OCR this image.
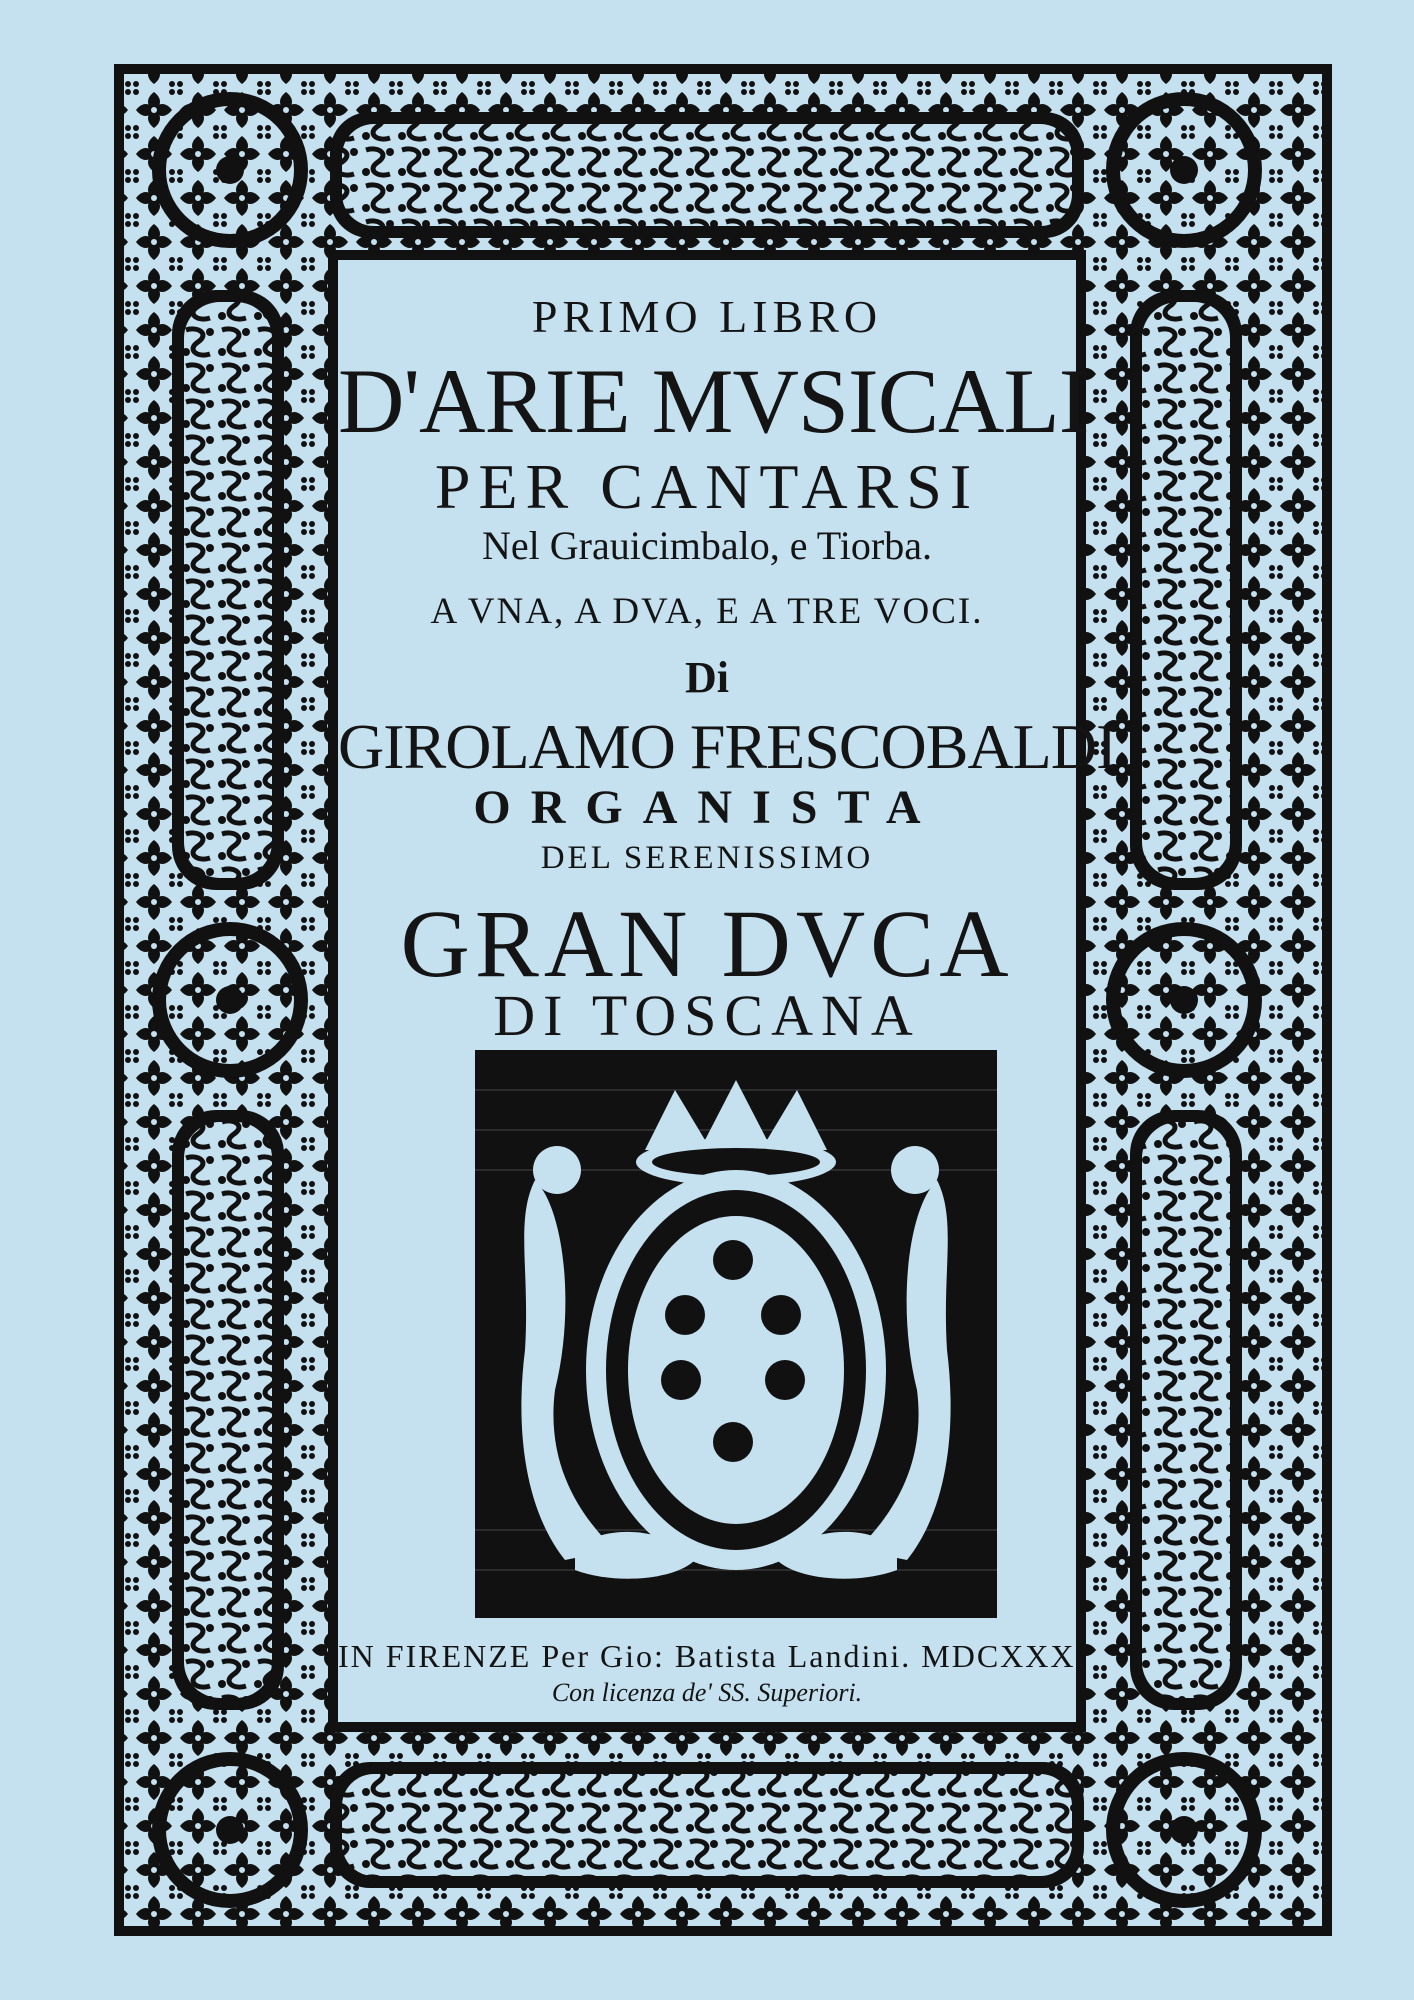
PRIMO LIBRO
D'ARIE MVSICALI
PER CANTARSI
Nel Grauicimbalo, e Tiorba.
A VNA, A DVA, E A TRE VOCI.
Di
GIROLAMO FRESCOBALDI
ORGANISTA
DEL SERENISSIMO
GRAN DVCA
DI TOSCANA
IN FIRENZE Per Gio: Batista Landini. MDCXXX.
Con licenza de' SS. Superiori.
